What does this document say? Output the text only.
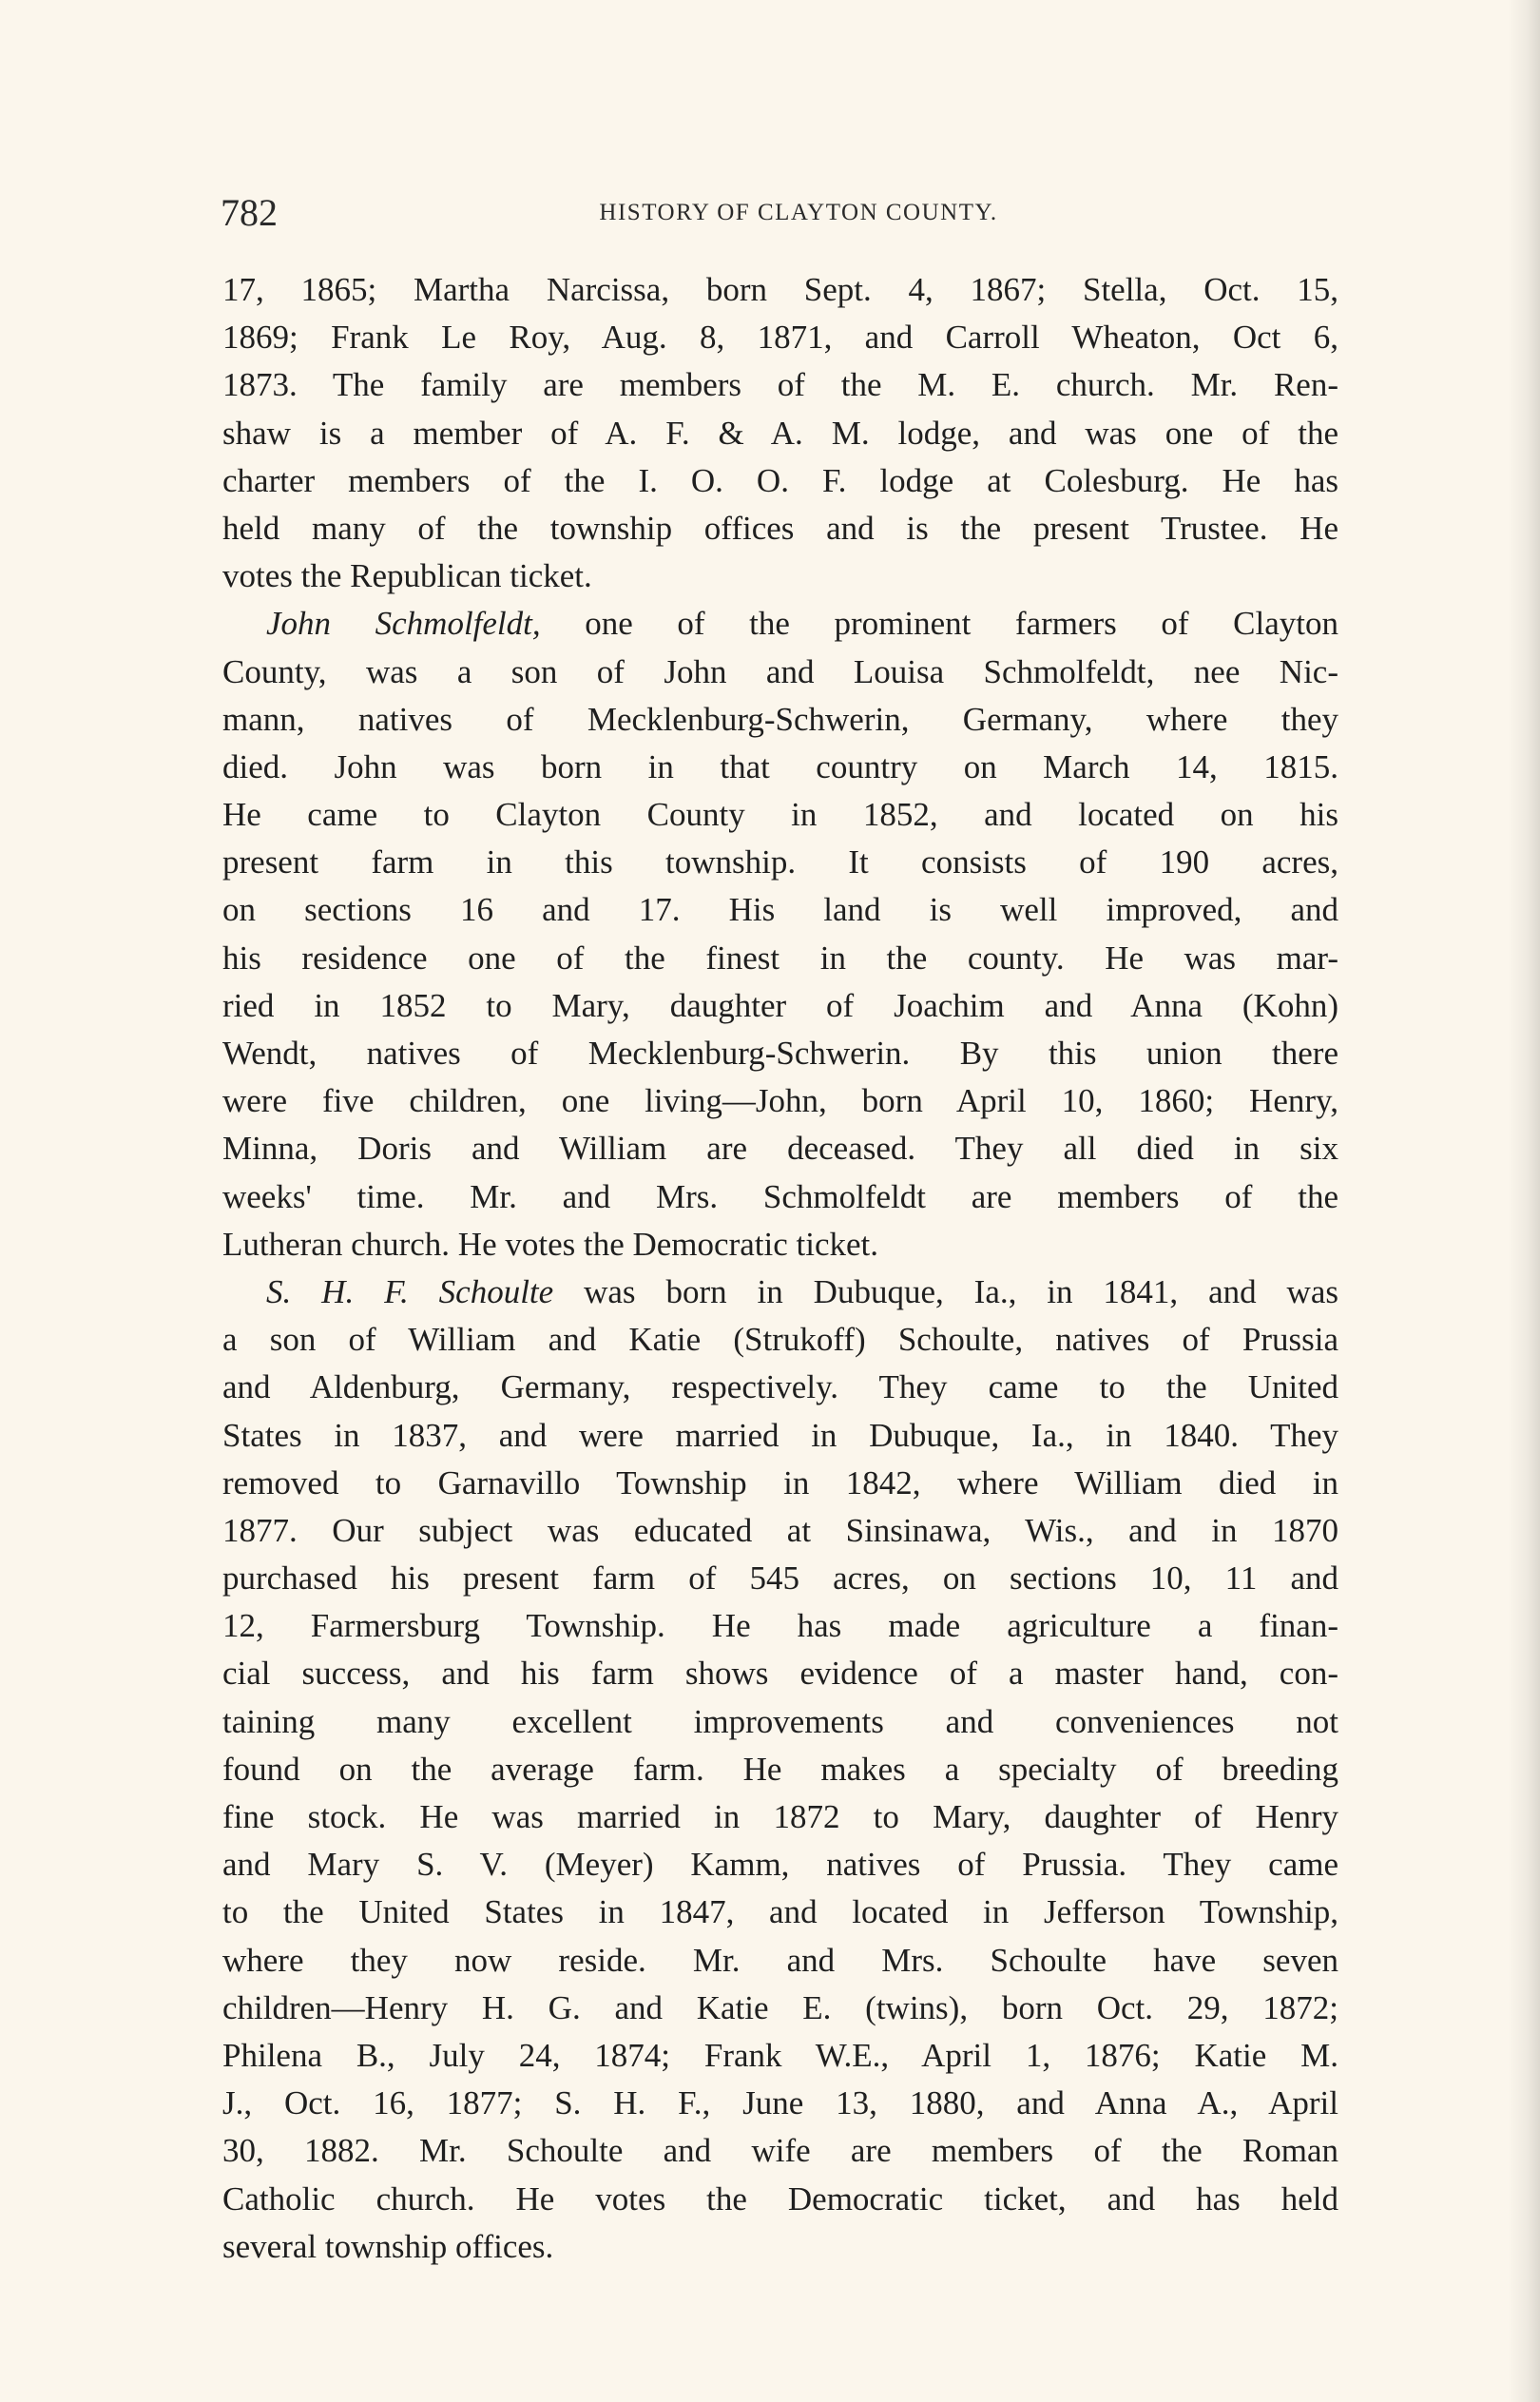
782	HISTORY OF CLAYTON COUNTY.
17, 1865; Martha Narcissa, born Sept. 4, 1867; Stella, Oct. 15,
1869; Frank Le Roy, Aug. 8, 1871, and Carroll Wheaton, Oct 6,
1873. The family are members of the M. E. church. Mr. Ren-
shaw is a member of A. F. & A. M. lodge, and was one of the
charter members of the I. O. O. F. lodge at Colesburg. He has
held many of the township offices and is the present Trustee. He
votes the Republican ticket.
John Schmolfeldt, one of the prominent farmers of Clayton
County, was a son of John and Louisa Schmolfeldt, nee Nic-
mann, natives of Mecklenburg-Schwerin, Germany, where they
died. John was born in that country on March 14, 1815.
He came to Clayton County in 1852, and located on his
present farm in this township. It consists of 190 acres,
on sections 16 and 17. His land is well improved, and
his residence one of the finest in the county. He was mar-
ried in 1852 to Mary, daughter of Joachim and Anna (Kohn)
Wendt, natives of Mecklenburg-Schwerin. By this union there
were five children, one living—John, born April 10, 1860; Henry,
Minna, Doris and William are deceased. They all died in six
weeks' time. Mr. and Mrs. Schmolfeldt are members of the
Lutheran church. He votes the Democratic ticket.
S. H. F. Schoulte was born in Dubuque, Ia., in 1841, and was
a son of William and Katie (Strukoff) Schoulte, natives of Prussia
and Aldenburg, Germany, respectively. They came to the United
States in 1837, and were married in Dubuque, Ia., in 1840. They
removed to Garnavillo Township in 1842, where William died in
1877. Our subject was educated at Sinsinawa, Wis., and in 1870
purchased his present farm of 545 acres, on sections 10, 11 and
12, Farmersburg Township. He has made agriculture a finan-
cial success, and his farm shows evidence of a master hand, con-
taining many excellent improvements and conveniences not
found on the average farm. He makes a specialty of breeding
fine stock. He was married in 1872 to Mary, daughter of Henry
and Mary S. V. (Meyer) Kamm, natives of Prussia. They came
to the United States in 1847, and located in Jefferson Township,
where they now reside. Mr. and Mrs. Schoulte have seven
children—Henry H. G. and Katie E. (twins), born Oct. 29, 1872;
Philena B., July 24, 1874; Frank W.E., April 1, 1876; Katie M.
J., Oct. 16, 1877; S. H. F., June 13, 1880, and Anna A., April
30, 1882. Mr. Schoulte and wife are members of the Roman
Catholic church. He votes the Democratic ticket, and has held
several township offices.
